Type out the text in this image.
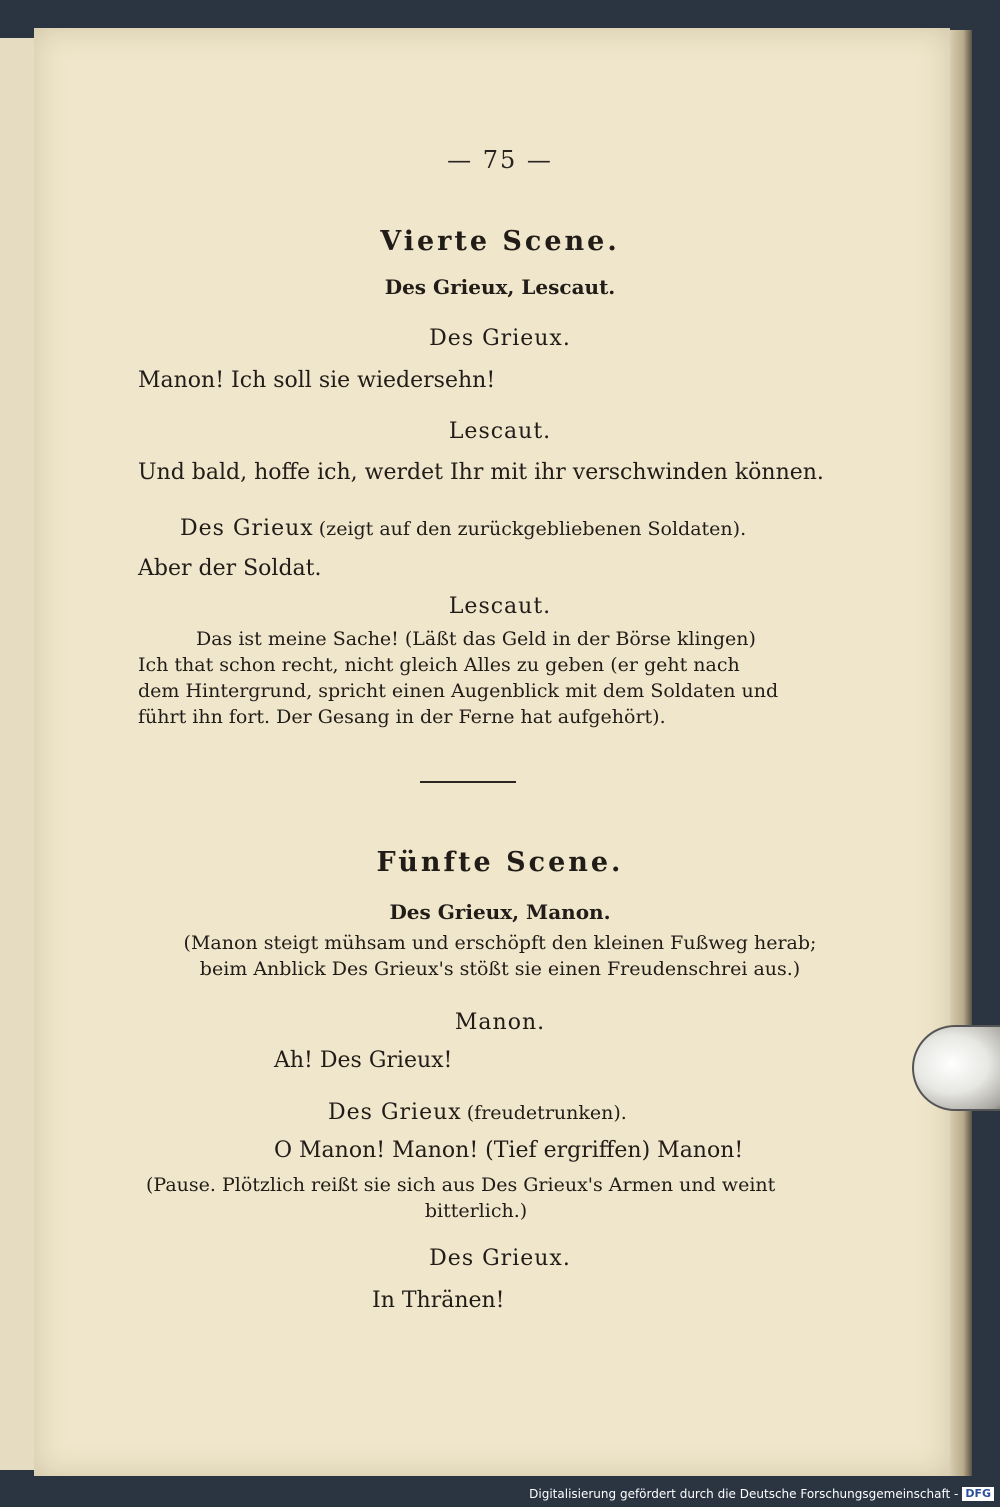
— 75 —
Vierte Scene.
Des Grieux, Lescaut.
Des Grieux.
Manon! Ich soll sie wiedersehn!
Lescaut.
Und bald, hoffe ich, werdet Ihr mit ihr verschwinden können.
Des Grieux (zeigt auf den zurückgebliebenen Soldaten).
Aber der Soldat.
Lescaut.
Das ist meine Sache! (Läßt das Geld in der Börse klingen)
Ich that schon recht, nicht gleich Alles zu geben (er geht nach
dem Hintergrund, spricht einen Augenblick mit dem Soldaten und
führt ihn fort. Der Gesang in der Ferne hat aufgehört).
Fünfte Scene.
Des Grieux, Manon.
(Manon steigt mühsam und erschöpft den kleinen Fußweg herab;
beim Anblick Des Grieux's stößt sie einen Freudenschrei aus.)
Manon.
Ah! Des Grieux!
Des Grieux (freudetrunken).
O Manon! Manon! (Tief ergriffen) Manon!
(Pause. Plötzlich reißt sie sich aus Des Grieux's Armen und weint
bitterlich.)
Des Grieux.
In Thränen!
Digitalisierung gefördert durch die Deutsche Forschungsgemeinschaft - DFG
